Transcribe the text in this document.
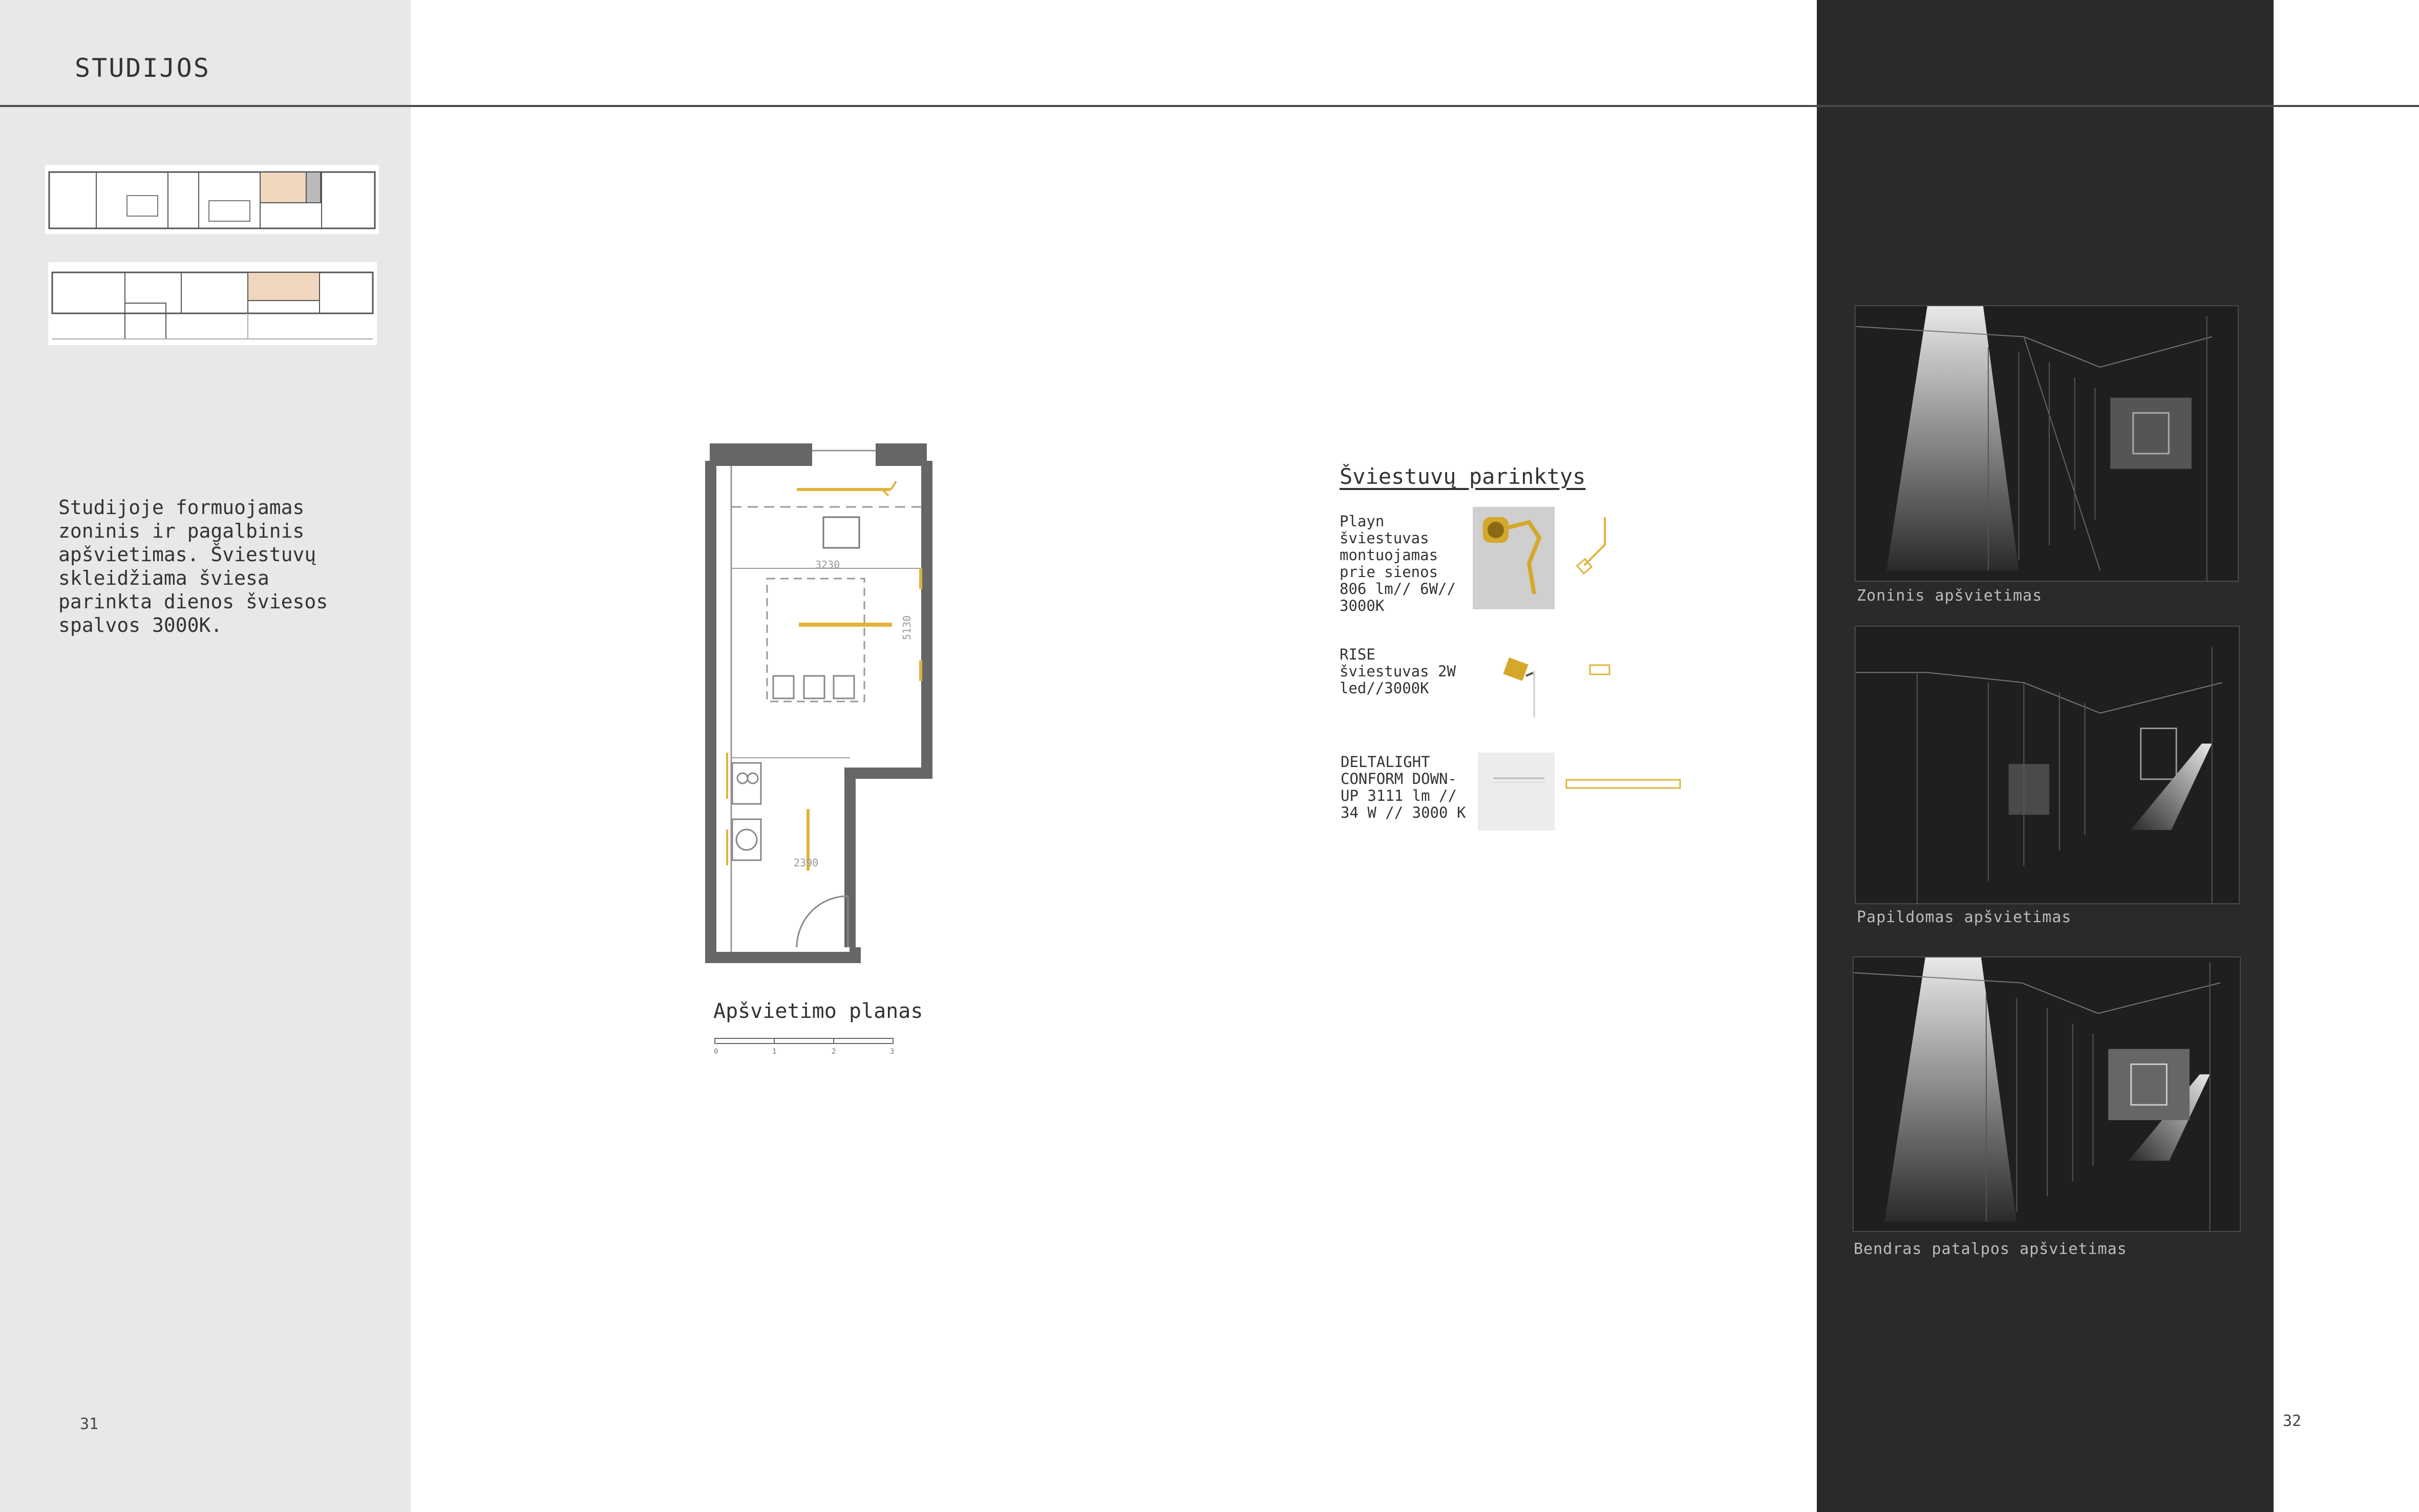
STUDIJOS
Studijoje formuojamas
zoninis ir pagalbinis
apšvietimas. Šviestuvų
skleidžiama šviesa
parinkta dienos šviesos
spalvos 3000K.
31	32
3230
5130
2390
Apšvietimo planas
0	1	2	3
Šviestuvų parinktys
Playn
šviestuvas
montuojamas
prie sienos
806 lm// 6W//
3000K
RISE
šviestuvas 2W
led//3000K
DELTALIGHT
CONFORM DOWN-
UP 3111 lm //
34 W // 3000 K
Zoninis apšvietimas
Papildomas apšvietimas
Bendras patalpos apšvietimas
